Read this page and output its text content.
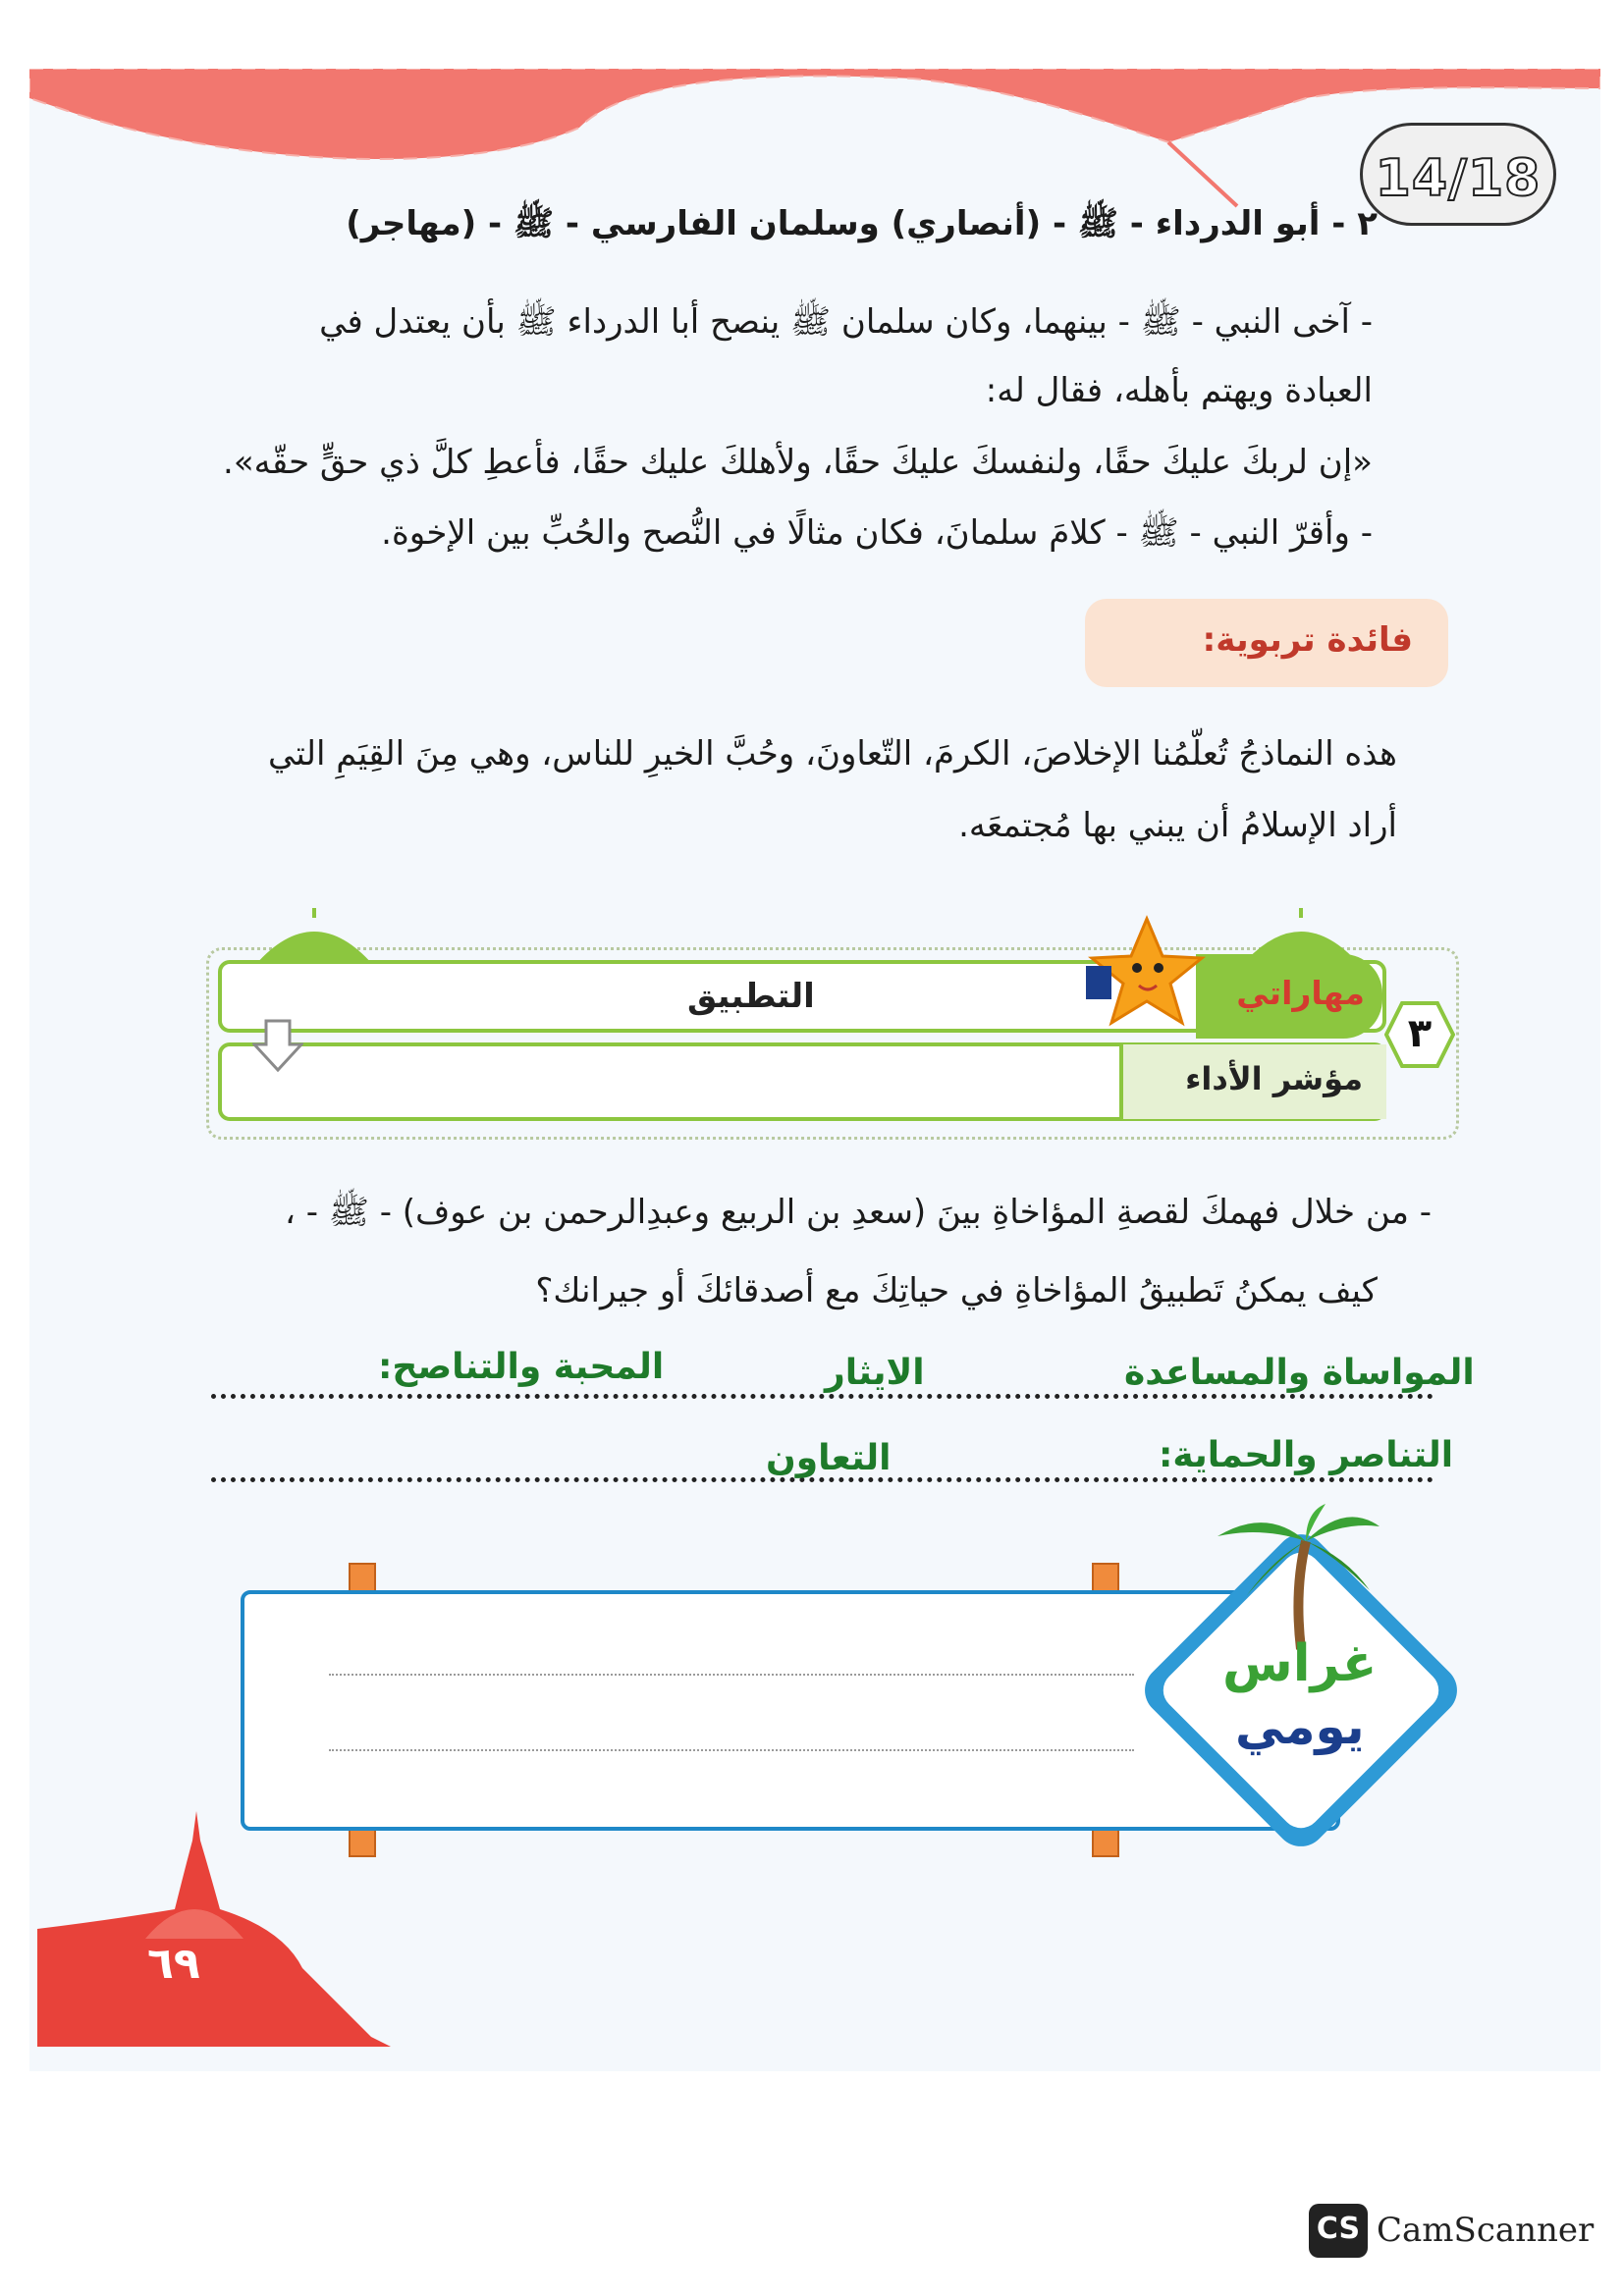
14/18
٢ - أبو الدرداء - ﷺ - (أنصاري) وسلمان الفارسي - ﷺ - (مهاجر)
- آخى النبي - ﷺ - بينهما، وكان سلمان ﷺ ينصح أبا الدرداء ﷺ بأن يعتدل في
العبادة ويهتم بأهله، فقال له:
«إن لربكَ عليكَ حقًا، ولنفسكَ عليكَ حقًا، ولأهلكَ عليك حقًا، فأعطِ كلَّ ذي حقٍّ حقّه».
- وأقرّ النبي - ﷺ - كلامَ سلمانَ، فكان مثالًا في النُّصح والحُبِّ بين الإخوة.
فائدة تربوية:
هذه النماذجُ تُعلّمُنا الإخلاصَ، الكرمَ، التّعاونَ، وحُبَّ الخيرِ للناس، وهي مِنَ القِيَمِ التي
أراد الإسلامُ أن يبني بها مُجتمعَه.
التطبيق	مهاراتي
مؤشر الأداء
٣
- من خلال فهمكَ لقصةِ المؤاخاةِ بينَ (سعدِ بن الربيع وعبدِالرحمن بن عوف) - ﷺ - ،
كيف يمكنُ تَطبيقُ المؤاخاةِ في حياتِكَ مع أصدقائكَ أو جيرانك؟
المواساة والمساعدة
الايثار
المحبة والتناصح:
التناصر والحماية:
التعاون
غراس
يومي
٦٩
CS CamScanner
